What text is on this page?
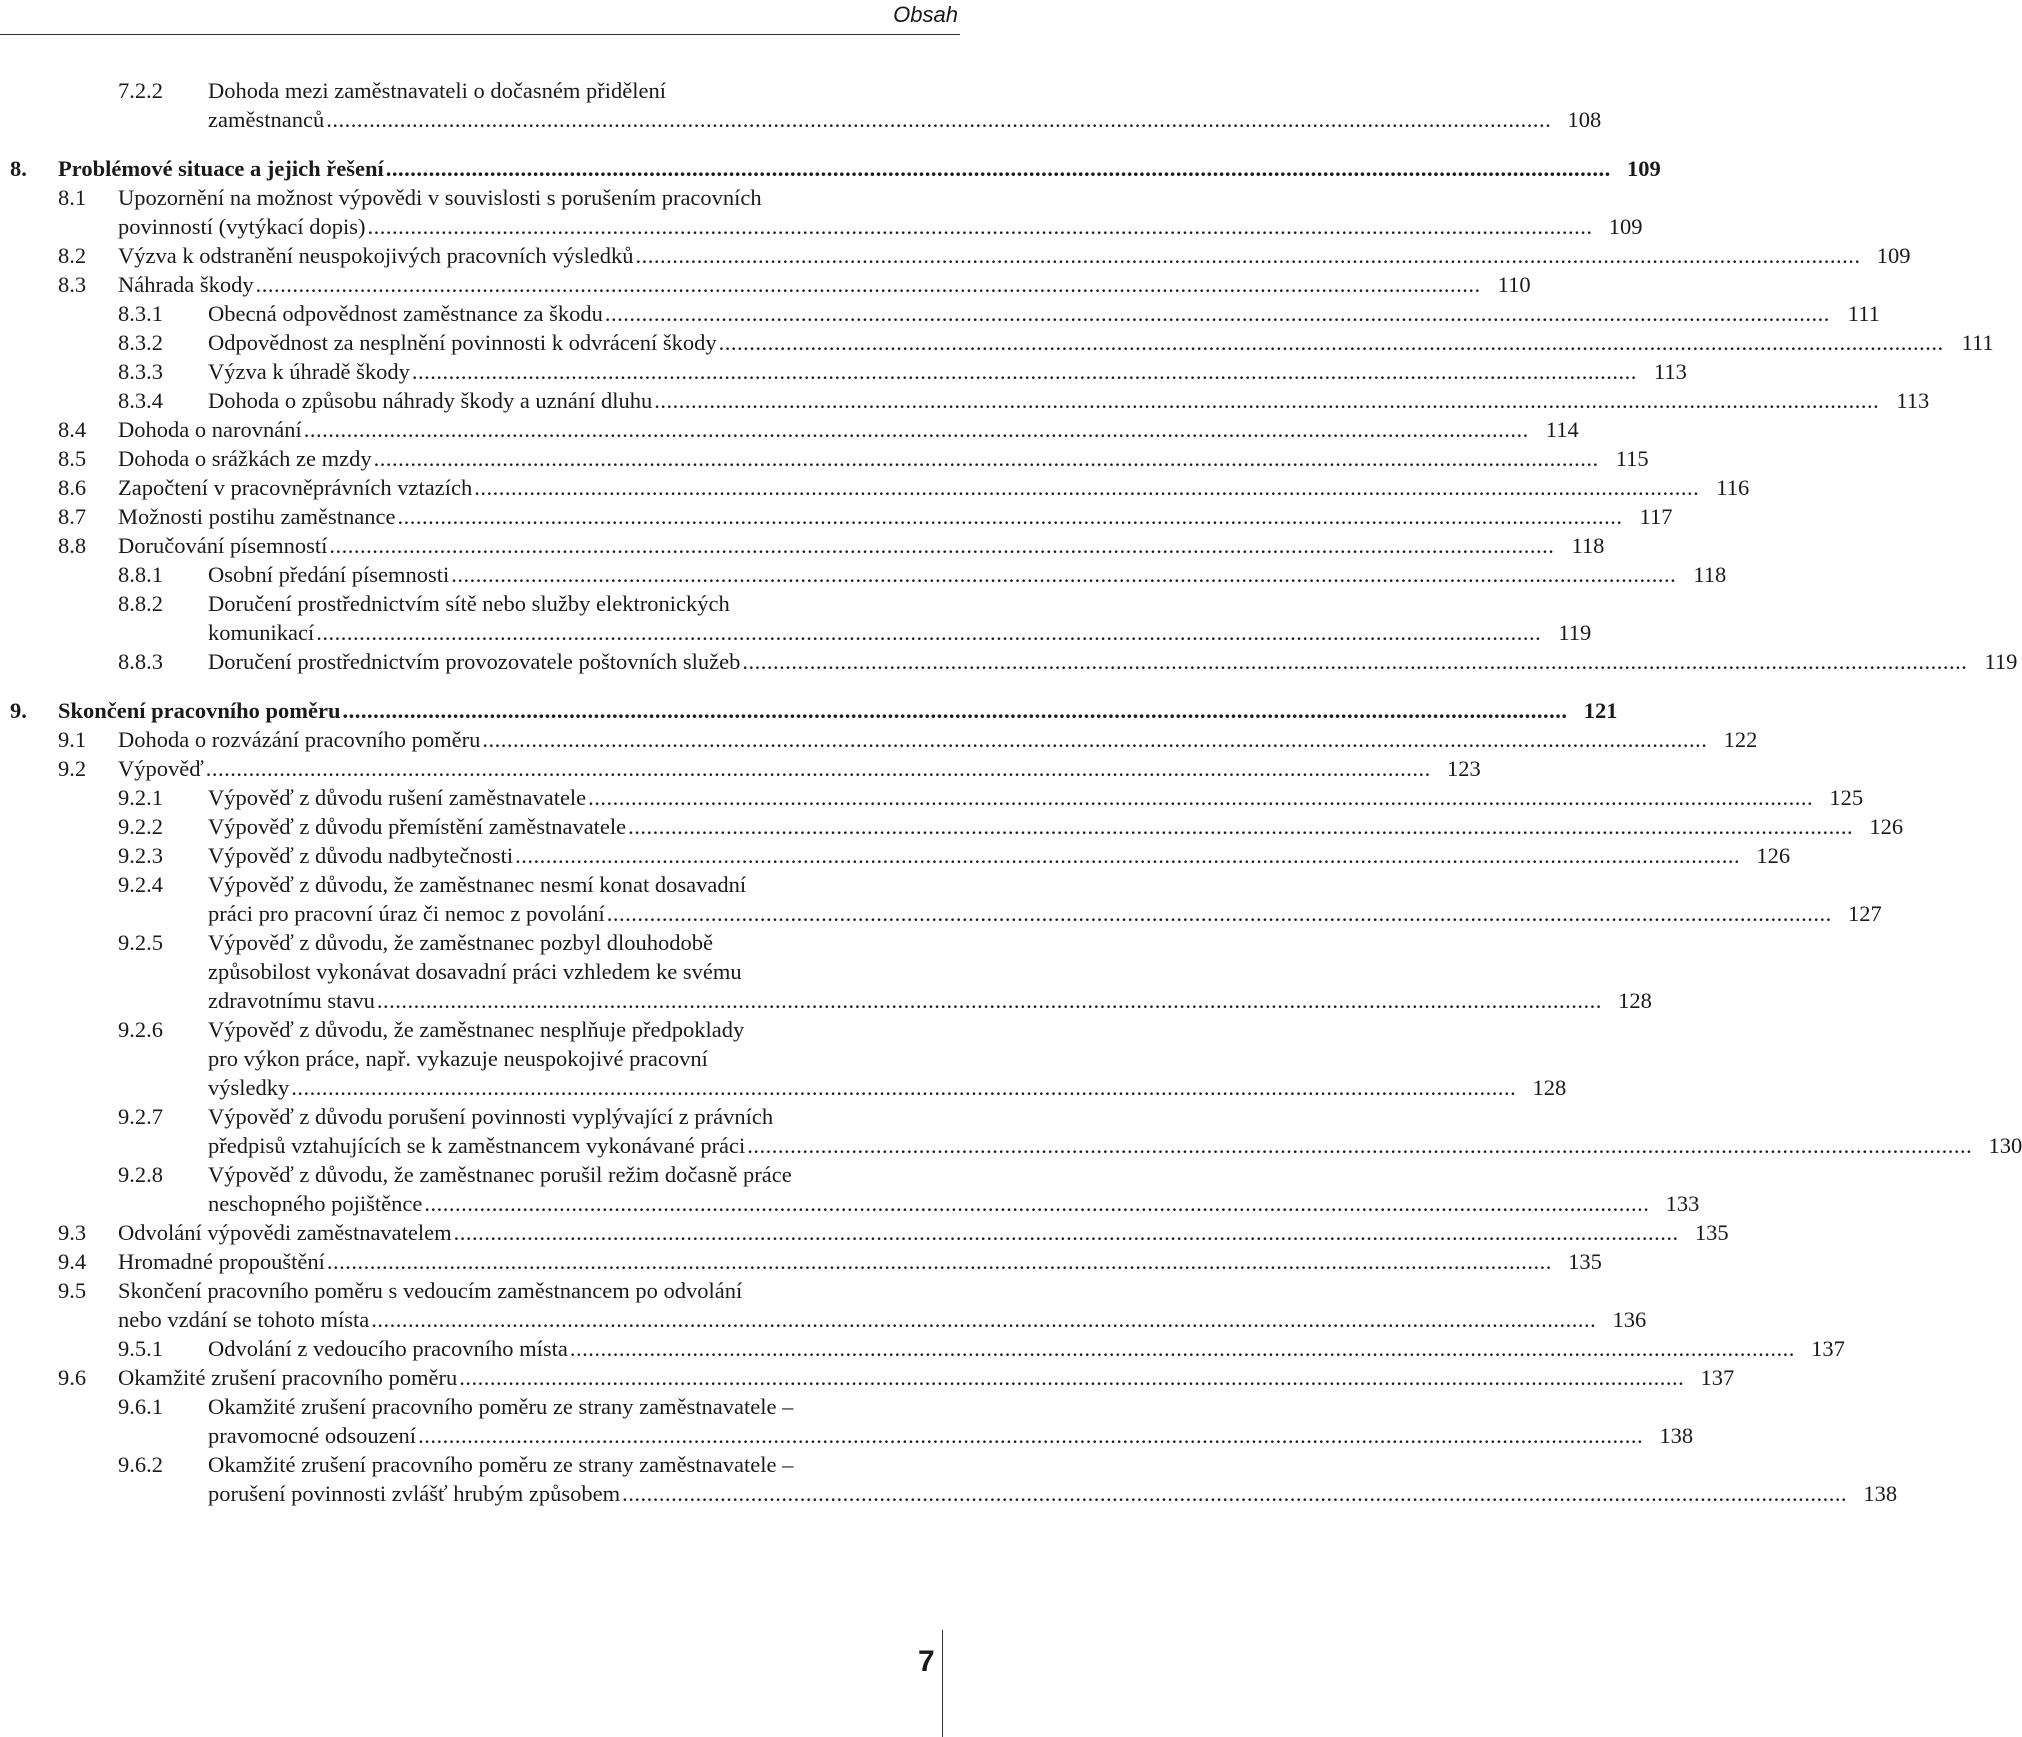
Obsah
7.2.2 Dohoda mezi zaměstnavateli o dočasném přidělení
zaměstnanců ........................................................................................................................................................................................................ 108
8. Problémové situace a jejich řešení ........................................................................................................................................................................................................ 109
8.1 Upozornění na možnost výpovědi v souvislosti s porušením pracovních
povinností (vytýkací dopis) ........................................................................................................................................................................................................ 109
8.2 Výzva k odstranění neuspokojivých pracovních výsledků ........................................................................................................................................................................................................ 109
8.3 Náhrada škody ........................................................................................................................................................................................................ 110
8.3.1 Obecná odpovědnost zaměstnance za škodu ........................................................................................................................................................................................................ 111
8.3.2 Odpovědnost za nesplnění povinnosti k odvrácení škody ........................................................................................................................................................................................................ 111
8.3.3 Výzva k úhradě škody ........................................................................................................................................................................................................ 113
8.3.4 Dohoda o způsobu náhrady škody a uznání dluhu ........................................................................................................................................................................................................ 113
8.4 Dohoda o narovnání ........................................................................................................................................................................................................ 114
8.5 Dohoda o srážkách ze mzdy ........................................................................................................................................................................................................ 115
8.6 Započtení v pracovněprávních vztazích ........................................................................................................................................................................................................ 116
8.7 Možnosti postihu zaměstnance ........................................................................................................................................................................................................ 117
8.8 Doručování písemností ........................................................................................................................................................................................................ 118
8.8.1 Osobní předání písemnosti ........................................................................................................................................................................................................ 118
8.8.2 Doručení prostřednictvím sítě nebo služby elektronických
komunikací ........................................................................................................................................................................................................ 119
8.8.3 Doručení prostřednictvím provozovatele poštovních služeb ........................................................................................................................................................................................................ 119
9. Skončení pracovního poměru ........................................................................................................................................................................................................ 121
9.1 Dohoda o rozvázání pracovního poměru ........................................................................................................................................................................................................ 122
9.2 Výpověď ........................................................................................................................................................................................................ 123
9.2.1 Výpověď z důvodu rušení zaměstnavatele ........................................................................................................................................................................................................ 125
9.2.2 Výpověď z důvodu přemístění zaměstnavatele ........................................................................................................................................................................................................ 126
9.2.3 Výpověď z důvodu nadbytečnosti ........................................................................................................................................................................................................ 126
9.2.4 Výpověď z důvodu, že zaměstnanec nesmí konat dosavadní
práci pro pracovní úraz či nemoc z povolání ........................................................................................................................................................................................................ 127
9.2.5 Výpověď z důvodu, že zaměstnanec pozbyl dlouhodobě
způsobilost vykonávat dosavadní práci vzhledem ke svému
zdravotnímu stavu ........................................................................................................................................................................................................ 128
9.2.6 Výpověď z důvodu, že zaměstnanec nesplňuje předpoklady
pro výkon práce, např. vykazuje neuspokojivé pracovní
výsledky ........................................................................................................................................................................................................ 128
9.2.7 Výpověď z důvodu porušení povinnosti vyplývající z právních
předpisů vztahujících se k zaměstnancem vykonávané práci ........................................................................................................................................................................................................ 130
9.2.8 Výpověď z důvodu, že zaměstnanec porušil režim dočasně práce
neschopného pojištěnce ........................................................................................................................................................................................................ 133
9.3 Odvolání výpovědi zaměstnavatelem ........................................................................................................................................................................................................ 135
9.4 Hromadné propouštění ........................................................................................................................................................................................................ 135
9.5 Skončení pracovního poměru s vedoucím zaměstnancem po odvolání
nebo vzdání se tohoto místa ........................................................................................................................................................................................................ 136
9.5.1 Odvolání z vedoucího pracovního místa ........................................................................................................................................................................................................ 137
9.6 Okamžité zrušení pracovního poměru ........................................................................................................................................................................................................ 137
9.6.1 Okamžité zrušení pracovního poměru ze strany zaměstnavatele –
pravomocné odsouzení ........................................................................................................................................................................................................ 138
9.6.2 Okamžité zrušení pracovního poměru ze strany zaměstnavatele –
porušení povinnosti zvlášť hrubým způsobem ........................................................................................................................................................................................................ 138
7
